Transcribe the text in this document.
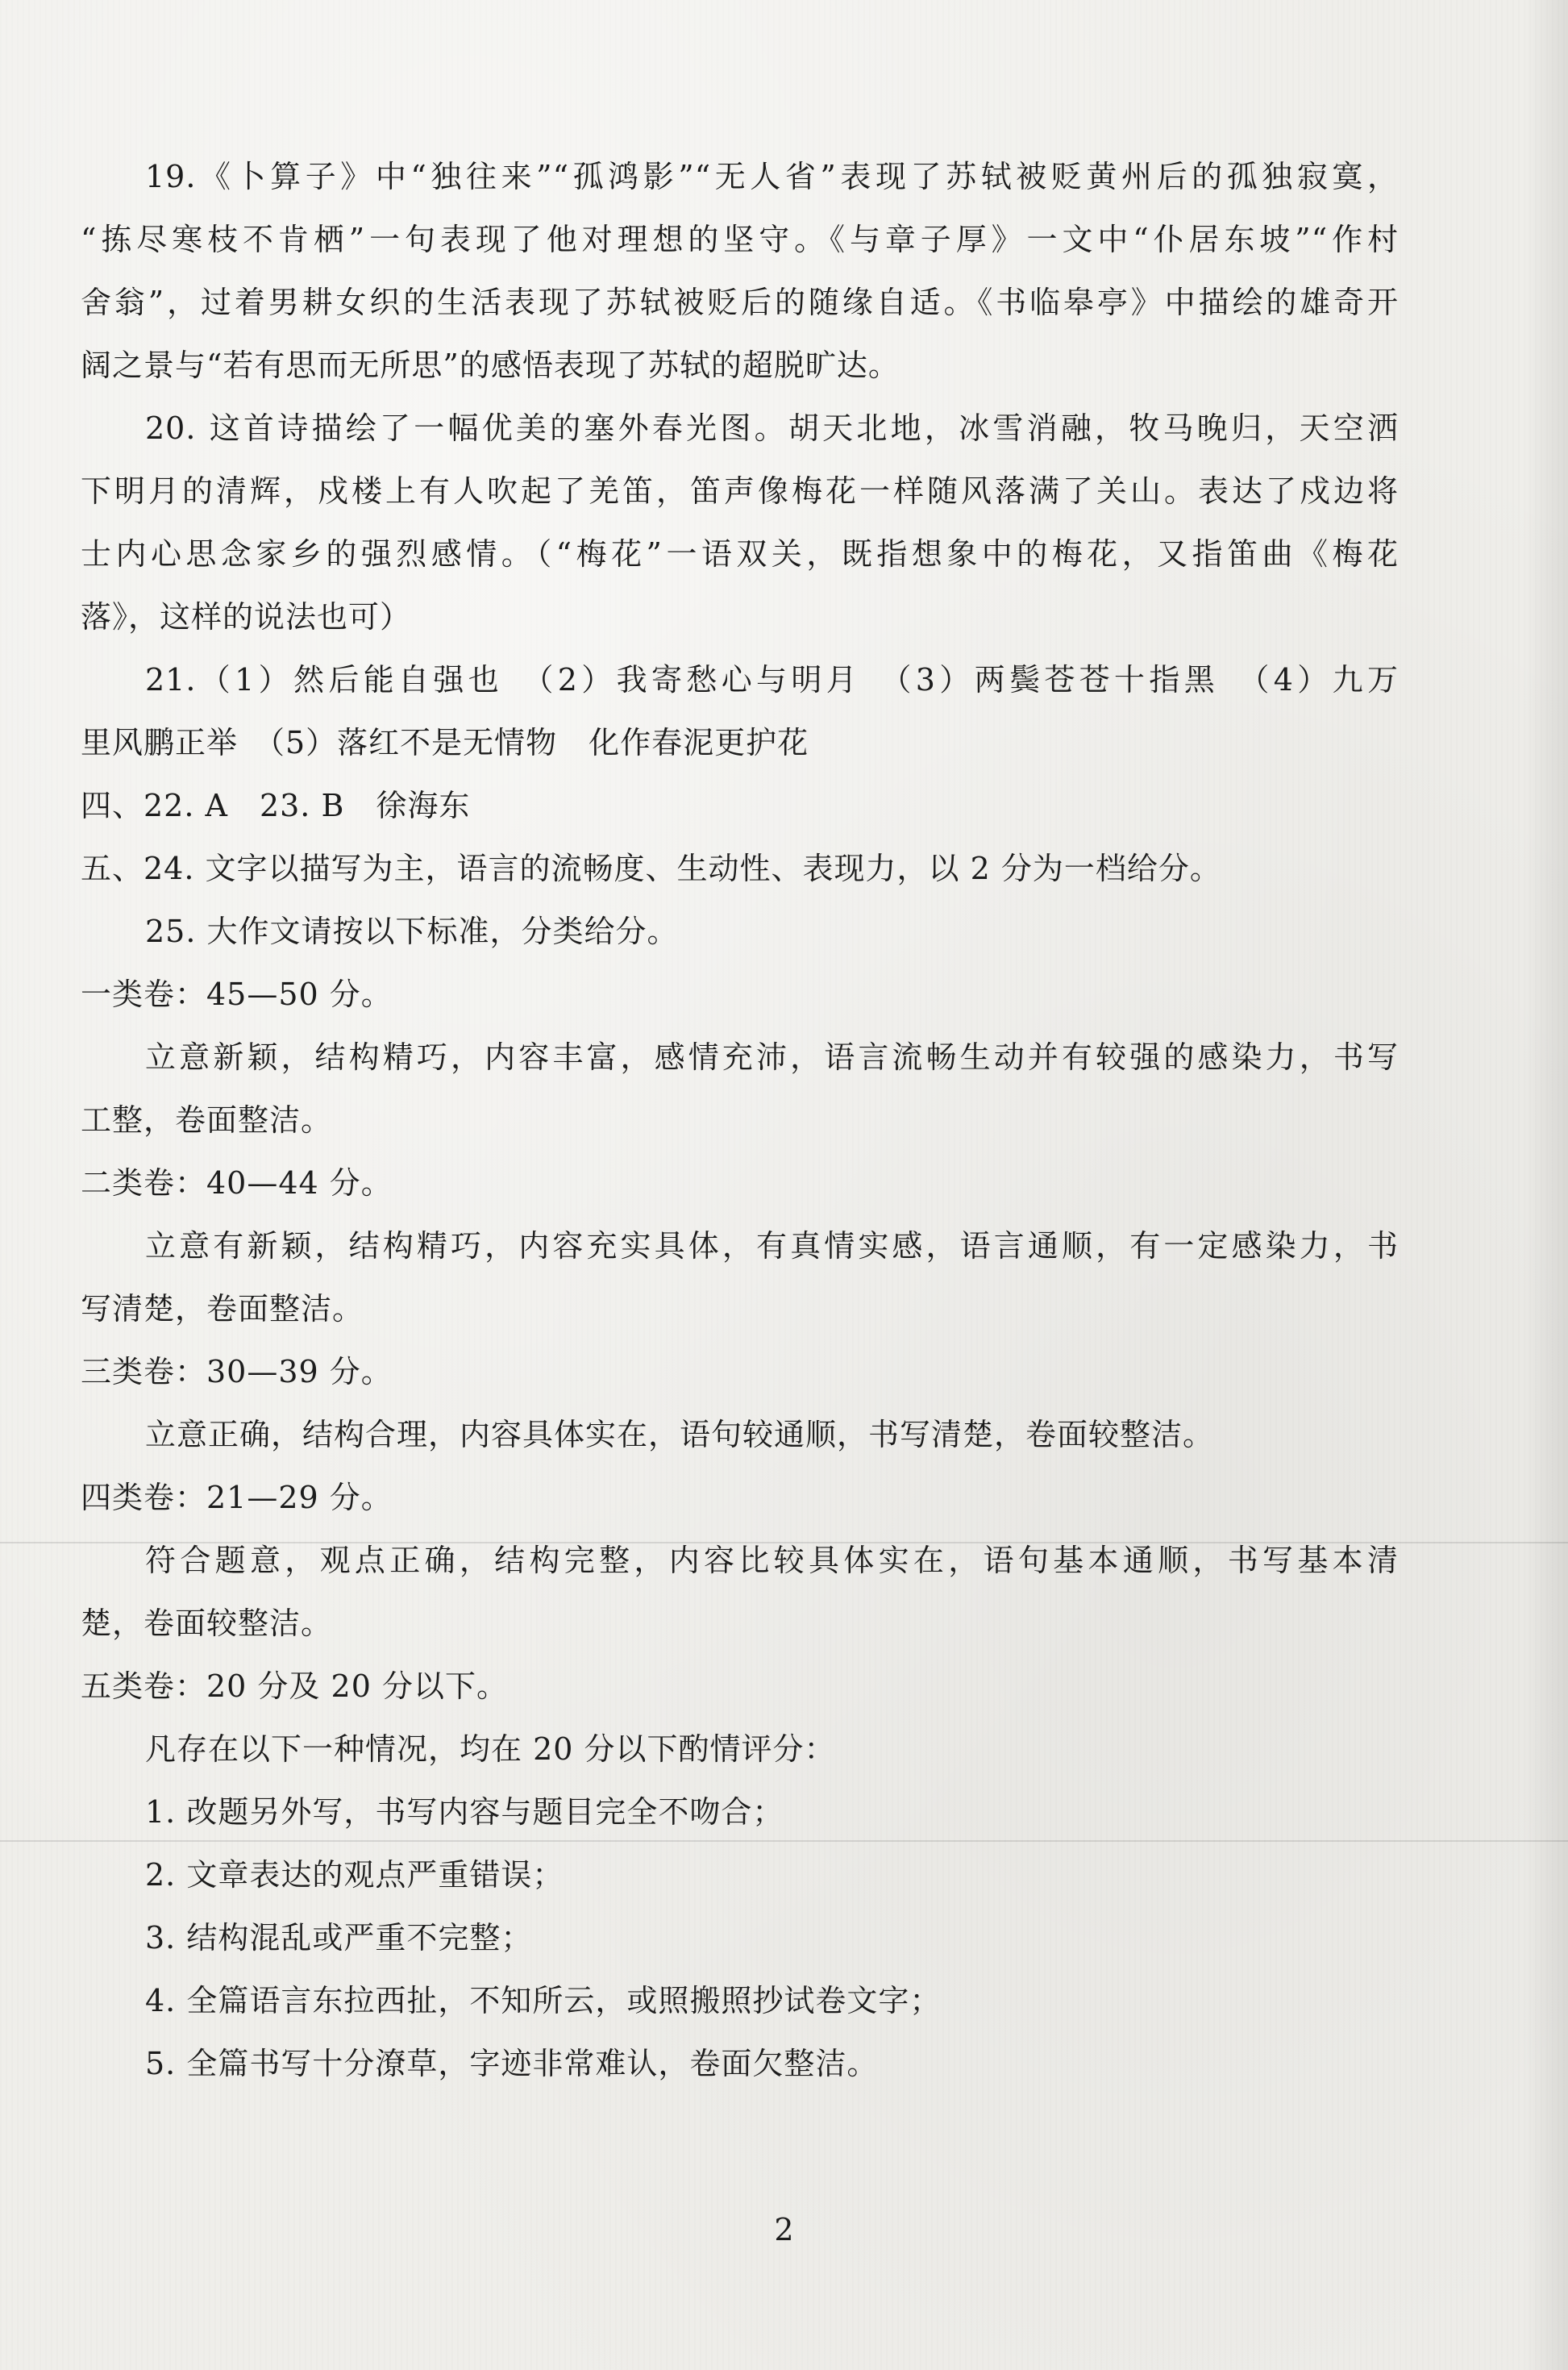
19.《卜算子》中“独往来”“孤鸿影”“无人省”表现了苏轼被贬黄州后的孤独寂寞，
“拣尽寒枝不肯栖”一句表现了他对理想的坚守。《与章子厚》一文中“仆居东坡”“作村
舍翁”，过着男耕女织的生活表现了苏轼被贬后的随缘自适。《书临皋亭》中描绘的雄奇开
阔之景与“若有思而无所思”的感悟表现了苏轼的超脱旷达。
20. 这首诗描绘了一幅优美的塞外春光图。胡天北地，冰雪消融，牧马晚归，天空洒
下明月的清辉，戍楼上有人吹起了羌笛，笛声像梅花一样随风落满了关山。表达了戍边将
士内心思念家乡的强烈感情。（“梅花”一语双关，既指想象中的梅花，又指笛曲《梅花
落》，这样的说法也可）
21.（1）然后能自强也　（2）我寄愁心与明月　（3）两鬓苍苍十指黑　（4）九万
里风鹏正举　（5）落红不是无情物　化作春泥更护花
四、22. A　23. B　徐海东
五、24. 文字以描写为主，语言的流畅度、生动性、表现力，以 2 分为一档给分。
25. 大作文请按以下标准，分类给分。
一类卷：45—50 分。
立意新颖，结构精巧，内容丰富，感情充沛，语言流畅生动并有较强的感染力，书写
工整，卷面整洁。
二类卷：40—44 分。
立意有新颖，结构精巧，内容充实具体，有真情实感，语言通顺，有一定感染力，书
写清楚，卷面整洁。
三类卷：30—39 分。
立意正确，结构合理，内容具体实在，语句较通顺，书写清楚，卷面较整洁。
四类卷：21—29 分。
符合题意，观点正确，结构完整，内容比较具体实在，语句基本通顺，书写基本清
楚，卷面较整洁。
五类卷：20 分及 20 分以下。
凡存在以下一种情况，均在 20 分以下酌情评分：
1. 改题另外写，书写内容与题目完全不吻合；
2. 文章表达的观点严重错误；
3. 结构混乱或严重不完整；
4. 全篇语言东拉西扯，不知所云，或照搬照抄试卷文字；
5. 全篇书写十分潦草，字迹非常难认，卷面欠整洁。
2
